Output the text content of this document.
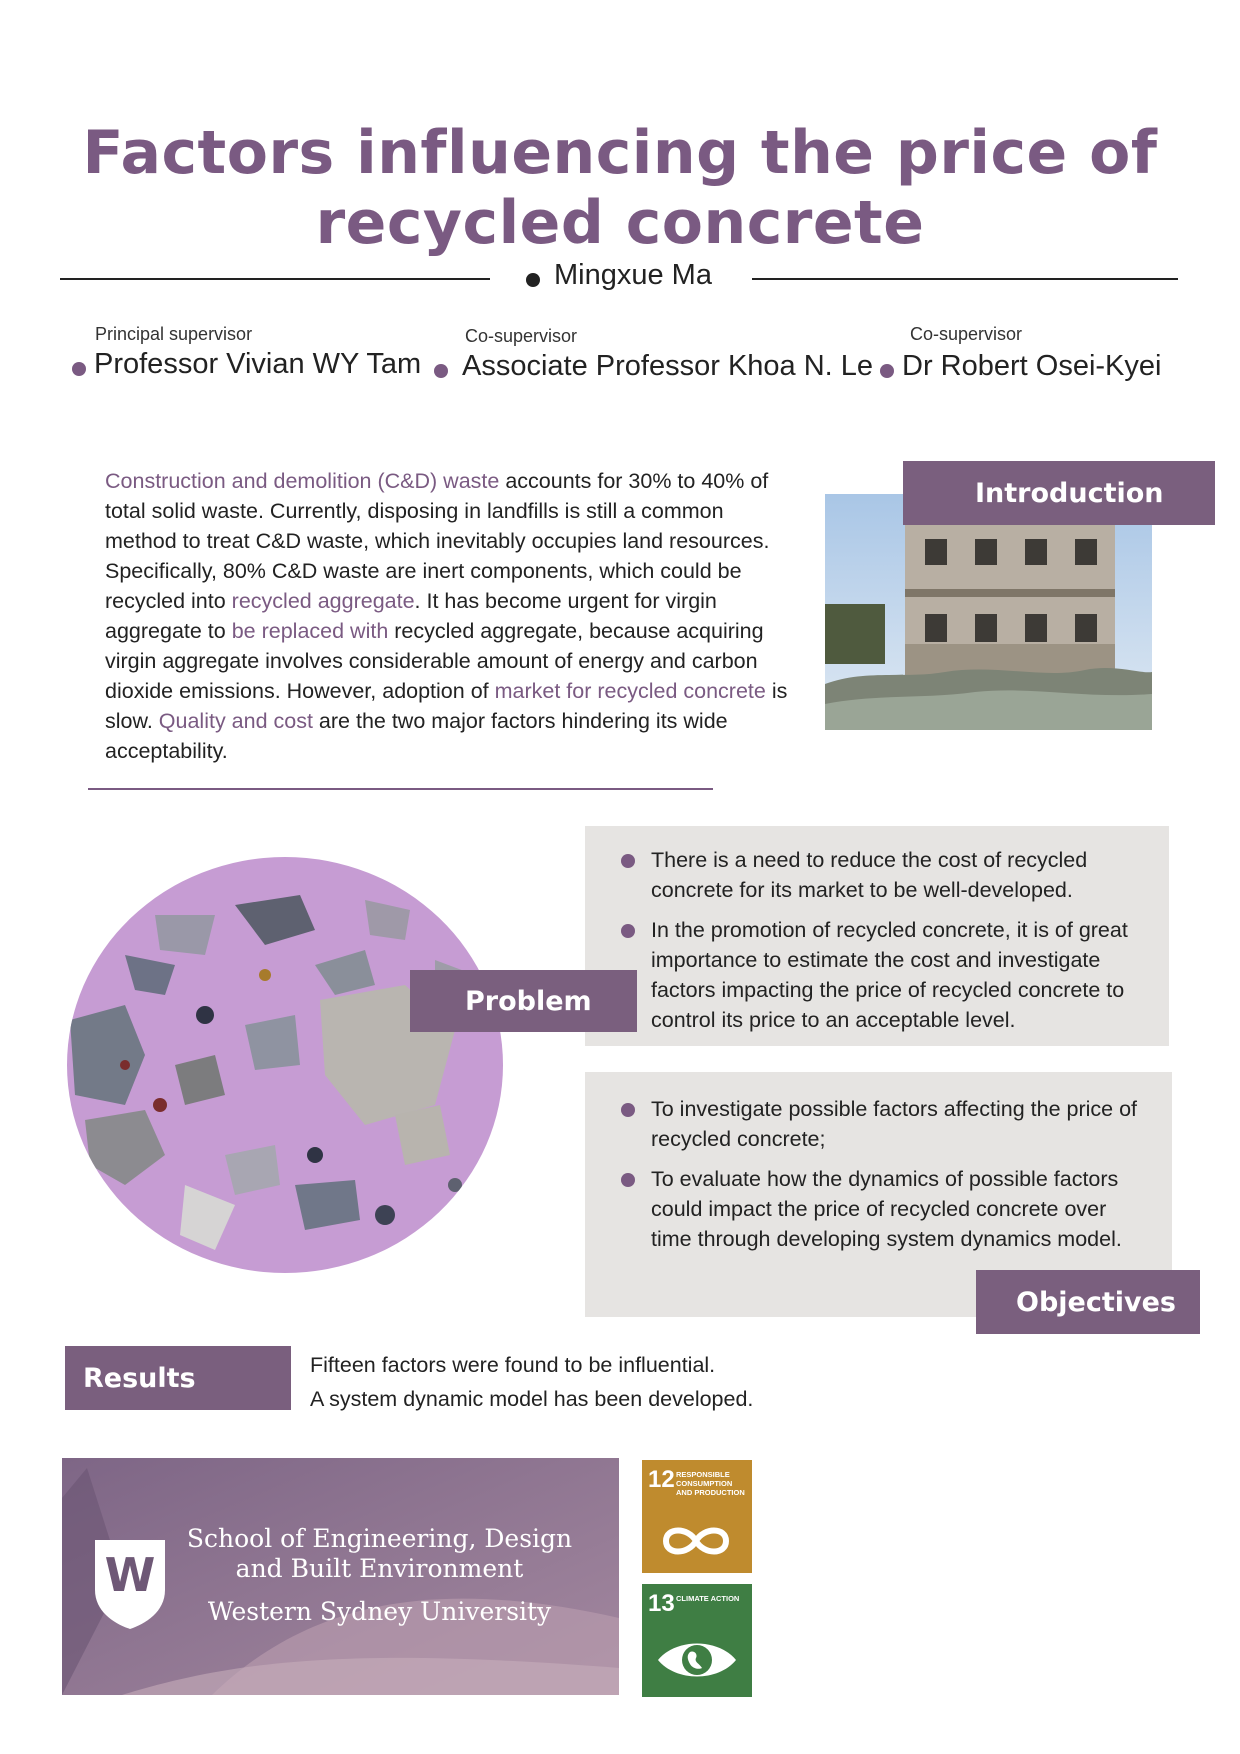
Factors influencing the price of
recycled concrete
Mingxue Ma
Principal supervisor	Co-supervisor	Co-supervisor
Professor Vivian WY Tam	Associate Professor Khoa N. Le Dr Robert Osei-Kyei
Construction and demolition (C&D) waste accounts for 30% to 40% of total solid waste. Currently, disposing in landfills is still a common method to treat C&D waste, which inevitably occupies land resources. Specifically, 80% C&D waste are inert components, which could be recycled into recycled aggregate. It has become urgent for virgin aggregate to be replaced with recycled aggregate, because acquiring virgin aggregate involves considerable amount of energy and carbon dioxide emissions. However, adoption of market for recycled concrete is slow. Quality and cost are the two major factors hindering its wide acceptability.
Introduction
There is a need to reduce the cost of recycled concrete for its market to be well-developed.
In the promotion of recycled concrete, it is of great importance to estimate the cost and investigate factors impacting the price of recycled concrete to control its price to an acceptable level.
Problem
To investigate possible factors affecting the price of recycled concrete;
To evaluate how the dynamics of possible factors could impact the price of recycled concrete over time through developing system dynamics model.
Objectives
Results	Fifteen factors were found to be influential.
A system dynamic model has been developed.
W
School of Engineering, Design
and Built Environment
Western Sydney University
12 RESPONSIBLE CONSUMPTION AND PRODUCTION
13 CLIMATE ACTION
